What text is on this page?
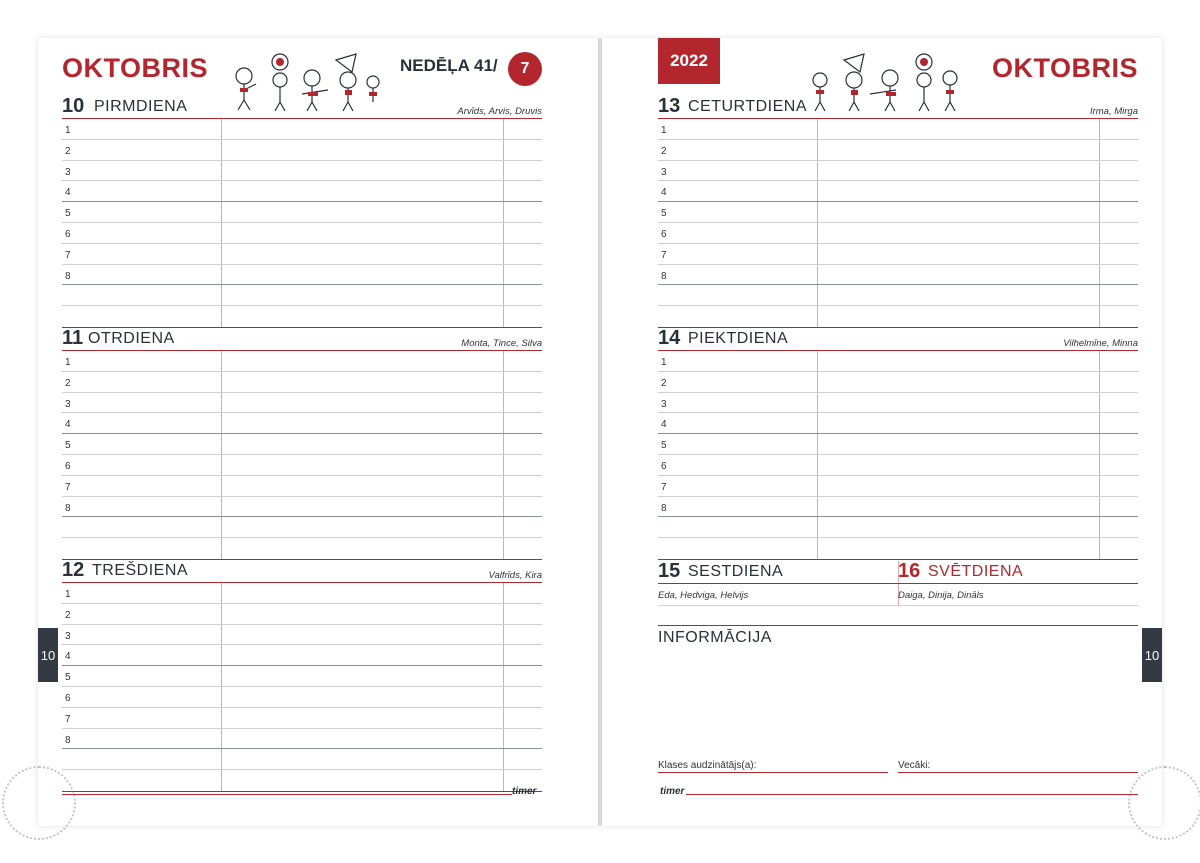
OKTOBRIS	NEDĒĻA 41/	7
10 PIRMDIENA	Arvīds, Arvis, Druvis
1
2
3
4
5
6
7
8
11 OTRDIENA	Monta, Tince, Silva
1
2
3
4
5
6
7
8
12 TREŠDIENA	Valfrīds, Kira
1
2
3
4
5
6
7
8
timer
10
2022	OKTOBRIS
13 CETURTDIENA	Irma, Mirga
1
2
3
4
5
6
7
8
14 PIEKTDIENA	Vilhelmīne, Minna
1
2
3
4
5
6
7
8
15 SESTDIENA
Eda, Hedviga, Helvijs
16 SVĒTDIENA
Daiga, Dinija, Dināls
INFORMĀCIJA
Klases audzinātājs(a):	Vecāki:
timer
10
